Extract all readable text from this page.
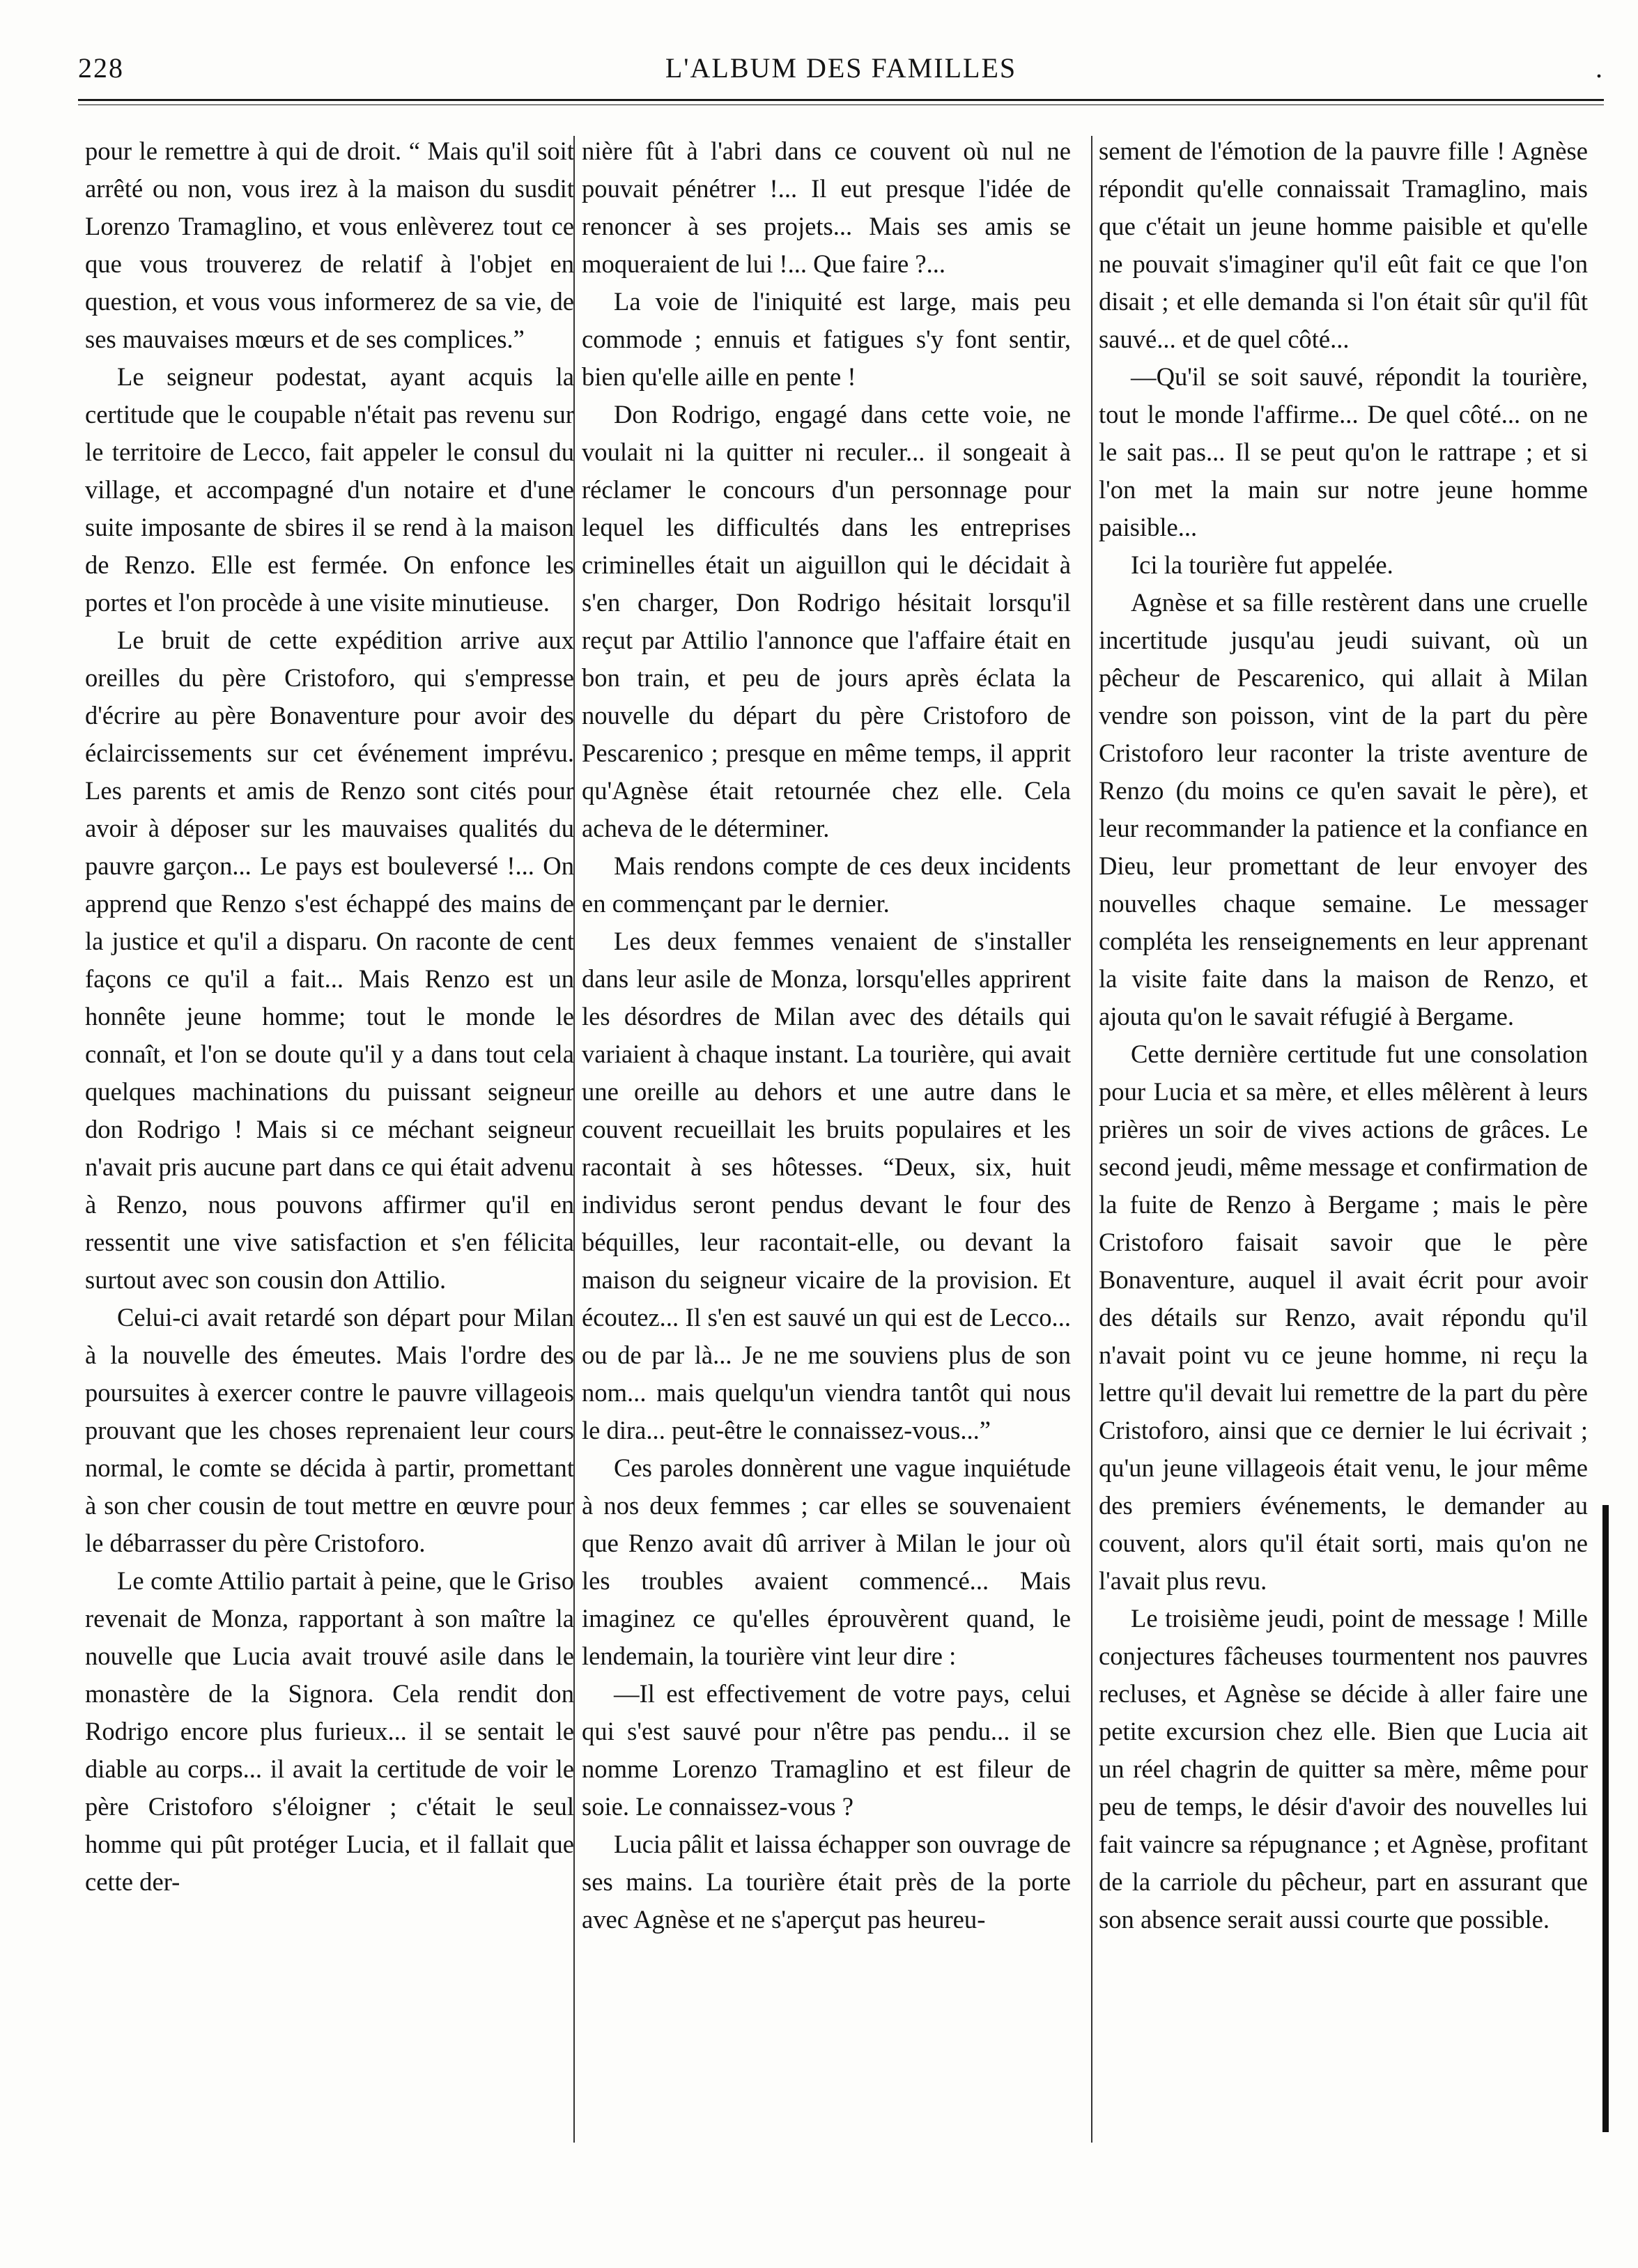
228	L'ALBUM DES FAMILLES	.

pour le remettre à qui de droit. “ Mais qu'il soit arrêté ou non, vous irez à la maison du susdit Lorenzo Tramaglino, et vous enlèverez tout ce que vous trouverez de relatif à l'objet en question, et vous vous informerez de sa vie, de ses mauvaises mœurs et de ses complices.”

Le seigneur podestat, ayant acquis la certitude que le coupable n'était pas revenu sur le territoire de Lecco, fait appeler le consul du village, et accompagné d'un notaire et d'une suite imposante de sbires il se rend à la maison de Renzo. Elle est fermée. On enfonce les portes et l'on procède à une visite minutieuse.

Le bruit de cette expédition arrive aux oreilles du père Cristoforo, qui s'empresse d'écrire au père Bonaventure pour avoir des éclaircissements sur cet événement imprévu. Les parents et amis de Renzo sont cités pour avoir à déposer sur les mauvaises qualités du pauvre garçon... Le pays est bouleversé !... On apprend que Renzo s'est échappé des mains de la justice et qu'il a disparu. On raconte de cent façons ce qu'il a fait... Mais Renzo est un honnête jeune homme; tout le monde le connaît, et l'on se doute qu'il y a dans tout cela quelques machinations du puissant seigneur don Rodrigo ! Mais si ce méchant seigneur n'avait pris aucune part dans ce qui était advenu à Renzo, nous pouvons affirmer qu'il en ressentit une vive satisfaction et s'en félicita surtout avec son cousin don Attilio.

Celui-ci avait retardé son départ pour Milan à la nouvelle des émeutes. Mais l'ordre des poursuites à exercer contre le pauvre villageois prouvant que les choses reprenaient leur cours normal, le comte se décida à partir, promettant à son cher cousin de tout mettre en œuvre pour le débarrasser du père Cristoforo.

Le comte Attilio partait à peine, que le Griso revenait de Monza, rapportant à son maître la nouvelle que Lucia avait trouvé asile dans le monastère de la Signora. Cela rendit don Rodrigo encore plus furieux... il se sentait le diable au corps... il avait la certitude de voir le père Cristoforo s'éloigner ; c'était le seul homme qui pût protéger Lucia, et il fallait que cette der-

nière fût à l'abri dans ce couvent où nul ne pouvait pénétrer !... Il eut presque l'idée de renoncer à ses projets... Mais ses amis se moqueraient de lui !... Que faire ?...

La voie de l'iniquité est large, mais peu commode ; ennuis et fatigues s'y font sentir, bien qu'elle aille en pente !

Don Rodrigo, engagé dans cette voie, ne voulait ni la quitter ni reculer... il songeait à réclamer le concours d'un personnage pour lequel les difficultés dans les entreprises criminelles était un aiguillon qui le décidait à s'en charger, Don Rodrigo hésitait lorsqu'il reçut par Attilio l'annonce que l'affaire était en bon train, et peu de jours après éclata la nouvelle du départ du père Cristoforo de Pescarenico ; presque en même temps, il apprit qu'Agnèse était retournée chez elle. Cela acheva de le déterminer.

Mais rendons compte de ces deux incidents en commençant par le dernier.

Les deux femmes venaient de s'installer dans leur asile de Monza, lorsqu'elles apprirent les désordres de Milan avec des détails qui variaient à chaque instant. La tourière, qui avait une oreille au dehors et une autre dans le couvent recueillait les bruits populaires et les racontait à ses hôtesses. “Deux, six, huit individus seront pendus devant le four des béquilles, leur racontait-elle, ou devant la maison du seigneur vicaire de la provision. Et écoutez... Il s'en est sauvé un qui est de Lecco... ou de par là... Je ne me souviens plus de son nom... mais quelqu'un viendra tantôt qui nous le dira... peut-être le connaissez-vous...”

Ces paroles donnèrent une vague inquiétude à nos deux femmes ; car elles se souvenaient que Renzo avait dû arriver à Milan le jour où les troubles avaient commencé... Mais imaginez ce qu'elles éprouvèrent quand, le lendemain, la tourière vint leur dire :

—Il est effectivement de votre pays, celui qui s'est sauvé pour n'être pas pendu... il se nomme Lorenzo Tramaglino et est fileur de soie. Le connaissez-vous ?

Lucia pâlit et laissa échapper son ouvrage de ses mains. La tourière était près de la porte avec Agnèse et ne s'aperçut pas heureu-

sement de l'émotion de la pauvre fille ! Agnèse répondit qu'elle connaissait Tramaglino, mais que c'était un jeune homme paisible et qu'elle ne pouvait s'imaginer qu'il eût fait ce que l'on disait ; et elle demanda si l'on était sûr qu'il fût sauvé... et de quel côté...

—Qu'il se soit sauvé, répondit la tourière, tout le monde l'affirme... De quel côté... on ne le sait pas... Il se peut qu'on le rattrape ; et si l'on met la main sur notre jeune homme paisible...

Ici la tourière fut appelée.

Agnèse et sa fille restèrent dans une cruelle incertitude jusqu'au jeudi suivant, où un pêcheur de Pescarenico, qui allait à Milan vendre son poisson, vint de la part du père Cristoforo leur raconter la triste aventure de Renzo (du moins ce qu'en savait le père), et leur recommander la patience et la confiance en Dieu, leur promettant de leur envoyer des nouvelles chaque semaine. Le messager compléta les renseignements en leur apprenant la visite faite dans la maison de Renzo, et ajouta qu'on le savait réfugié à Bergame.

Cette dernière certitude fut une consolation pour Lucia et sa mère, et elles mêlèrent à leurs prières un soir de vives actions de grâces. Le second jeudi, même message et confirmation de la fuite de Renzo à Bergame ; mais le père Cristoforo faisait savoir que le père Bonaventure, auquel il avait écrit pour avoir des détails sur Renzo, avait répondu qu'il n'avait point vu ce jeune homme, ni reçu la lettre qu'il devait lui remettre de la part du père Cristoforo, ainsi que ce dernier le lui écrivait ; qu'un jeune villageois était venu, le jour même des premiers événements, le demander au couvent, alors qu'il était sorti, mais qu'on ne l'avait plus revu.

Le troisième jeudi, point de message ! Mille conjectures fâcheuses tourmentent nos pauvres recluses, et Agnèse se décide à aller faire une petite excursion chez elle. Bien que Lucia ait un réel chagrin de quitter sa mère, même pour peu de temps, le désir d'avoir des nouvelles lui fait vaincre sa répugnance ; et Agnèse, profitant de la carriole du pêcheur, part en assurant que son absence serait aussi courte que possible.
